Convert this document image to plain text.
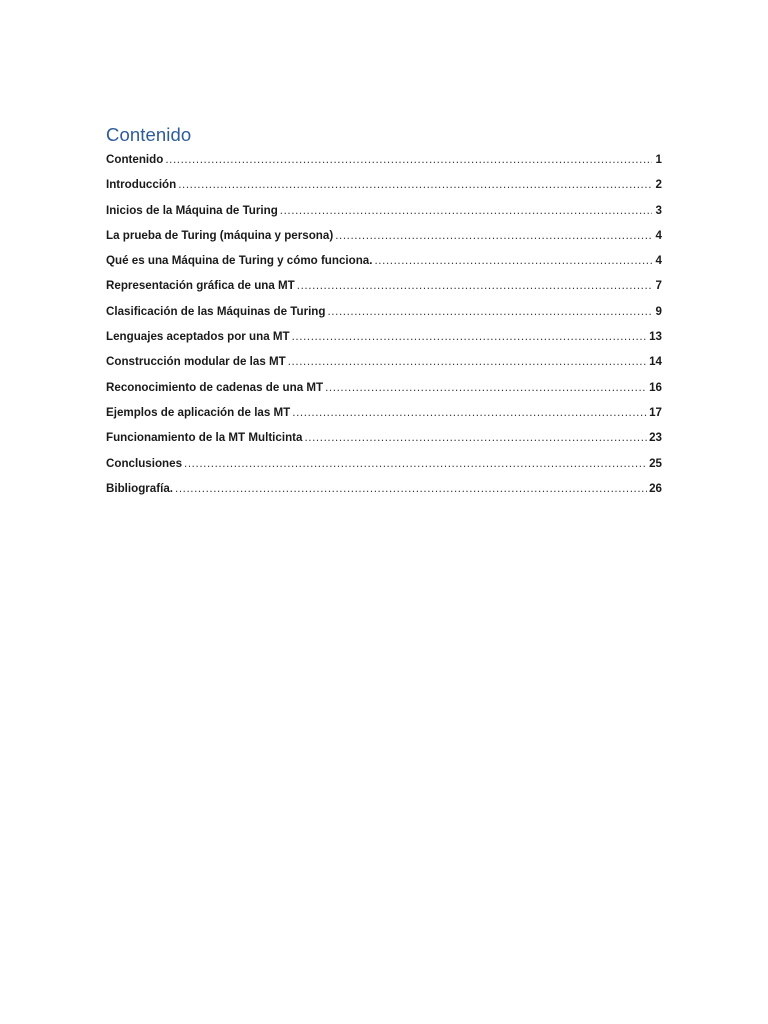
Contenido
Contenido .....	1
Introducción .....	2
Inicios de la Máquina de Turing .....	3
La prueba de Turing (máquina y persona) .....	4
Qué es una Máquina de Turing y cómo funciona. .....	4
Representación gráfica de una MT .....	7
Clasificación de las Máquinas de Turing .....	9
Lenguajes aceptados por una MT .....	13
Construcción modular de las MT .....	14
Reconocimiento de cadenas de una MT .....	16
Ejemplos de aplicación de las MT .....	17
Funcionamiento de la MT Multicinta .....	23
Conclusiones .....	25
Bibliografía. .....	26
